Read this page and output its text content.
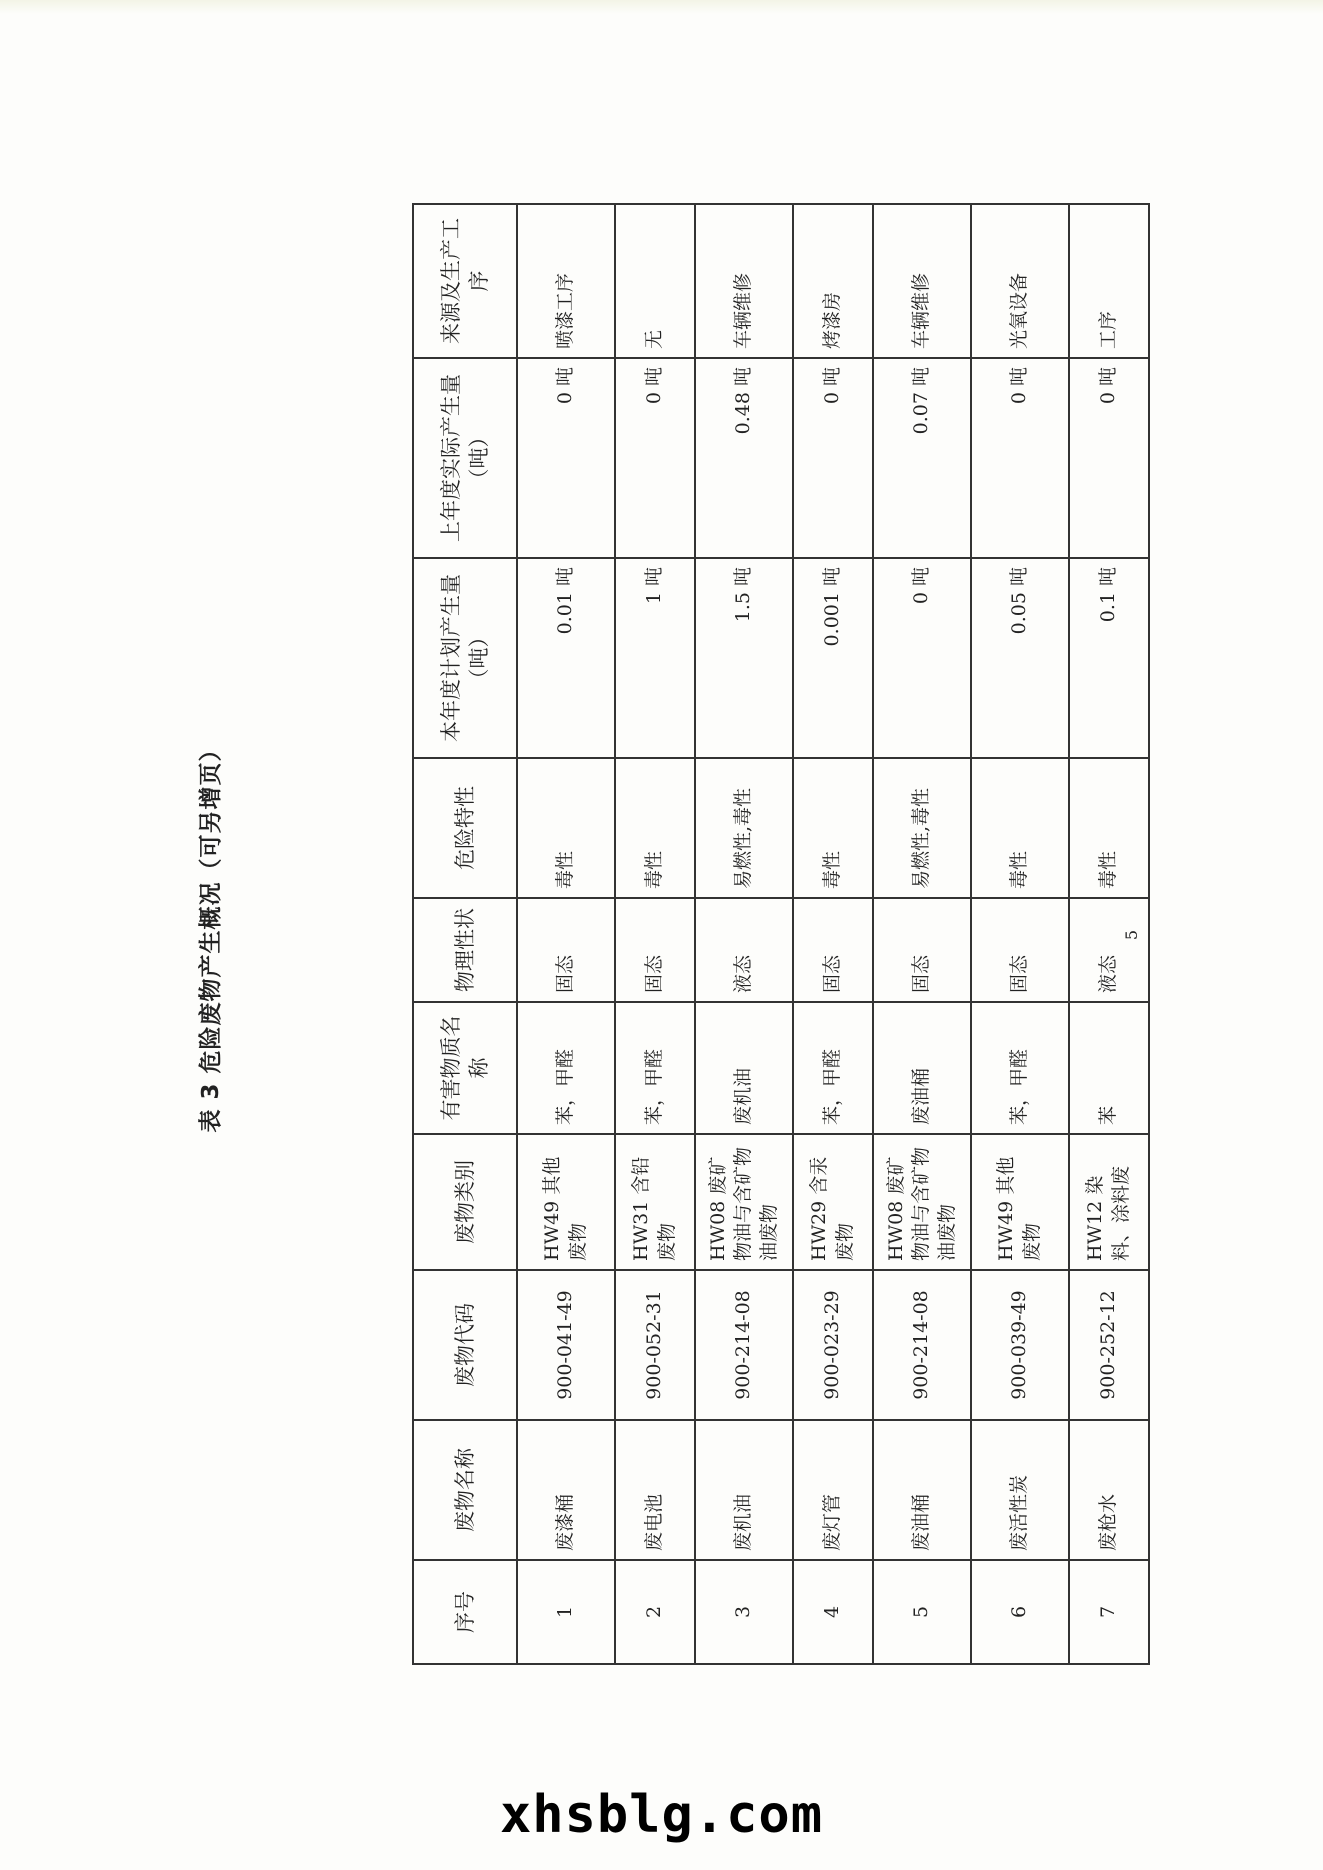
表 3 危险废物产生概况（可另增页）
序号	废物名称	废物代码	废物类别	有害物质名称	物理性状	危险特性	本年度计划产生量（吨）	上年度实际产生量（吨）	来源及生产工序
1	废漆桶	900-041-49	HW49 其他废物	苯，甲醛	固态	毒性	0.01 吨	0 吨	喷漆工序
2	废电池	900-052-31	HW31 含铅废物	苯，甲醛	固态	毒性	1 吨	0 吨	无
3	废机油	900-214-08	HW08 废矿物油与含矿物油废物	废机油	液态	易燃性,毒性	1.5 吨	0.48 吨	车辆维修
4	废灯管	900-023-29	HW29 含汞废物	苯，甲醛	固态	毒性	0.001 吨	0 吨	烤漆房
5	废油桶	900-214-08	HW08 废矿物油与含矿物油废物	废油桶	固态	易燃性,毒性	0 吨	0.07 吨	车辆维修
6	废活性炭	900-039-49	HW49 其他废物	苯，甲醛	固态	毒性	0.05 吨	0 吨	光氧设备
7	废枪水	900-252-12	HW12 染料、涂料废	苯	液态	毒性	0.1 吨	0 吨	工序
5
xhsblg.com
